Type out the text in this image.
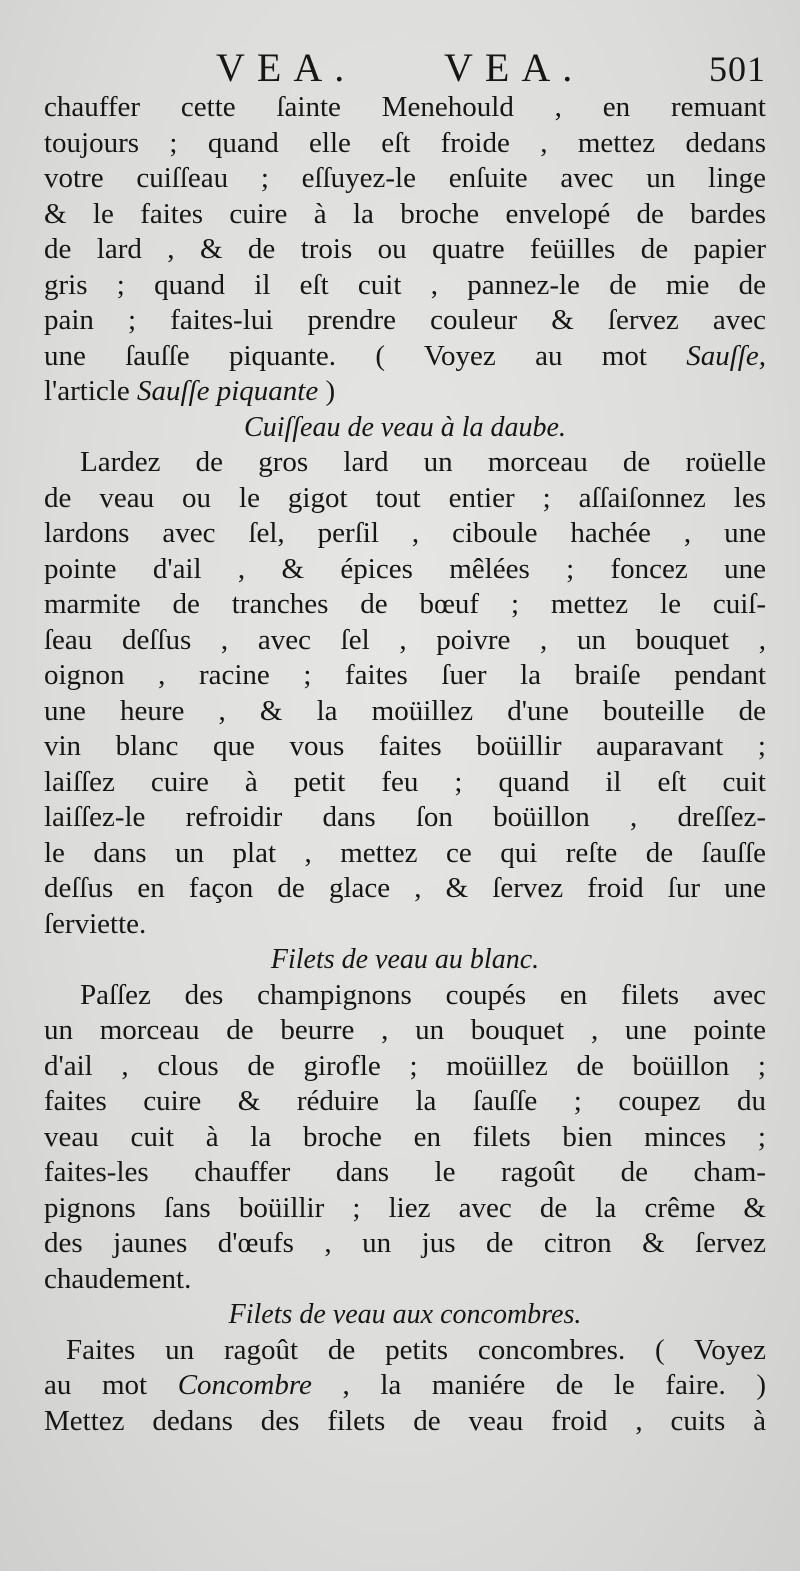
VEA. VEA.	501
chauffer cette ſainte Menehould , en remuant
toujours ; quand elle eſt froide , mettez dedans
votre cuiſſeau ; eſſuyez-le enſuite avec un linge
& le faites cuire à la broche envelopé de bardes
de lard , & de trois ou quatre feüilles de papier
gris ; quand il eſt cuit , pannez-le de mie de
pain ; faites-lui prendre couleur & ſervez avec
une ſauſſe piquante. ( Voyez au mot Sauſſe,
l'article Sauſſe piquante )
Cuiſſeau de veau à la daube.
Lardez de gros lard un morceau de roüelle
de veau ou le gigot tout entier ; aſſaiſonnez les
lardons avec ſel, perſil , ciboule hachée , une
pointe d'ail , & épices mêlées ; foncez une
marmite de tranches de bœuf ; mettez le cuiſ-
ſeau deſſus , avec ſel , poivre , un bouquet ,
oignon , racine ; faites ſuer la braiſe pendant
une heure , & la moüillez d'une bouteille de
vin blanc que vous faites boüillir auparavant ;
laiſſez cuire à petit feu ; quand il eſt cuit
laiſſez-le refroidir dans ſon boüillon , dreſſez-
le dans un plat , mettez ce qui reſte de ſauſſe
deſſus en façon de glace , & ſervez froid ſur une
ſerviette.
Filets de veau au blanc.
Paſſez des champignons coupés en filets avec
un morceau de beurre , un bouquet , une pointe
d'ail , clous de girofle ; moüillez de boüillon ;
faites cuire & réduire la ſauſſe ; coupez du
veau cuit à la broche en filets bien minces ;
faites-les chauffer dans le ragoût de cham-
pignons ſans boüillir ; liez avec de la crême &
des jaunes d'œufs , un jus de citron & ſervez
chaudement.
Filets de veau aux concombres.
Faites un ragoût de petits concombres. ( Voyez
au mot Concombre , la maniére de le faire. )
Mettez dedans des filets de veau froid , cuits à
